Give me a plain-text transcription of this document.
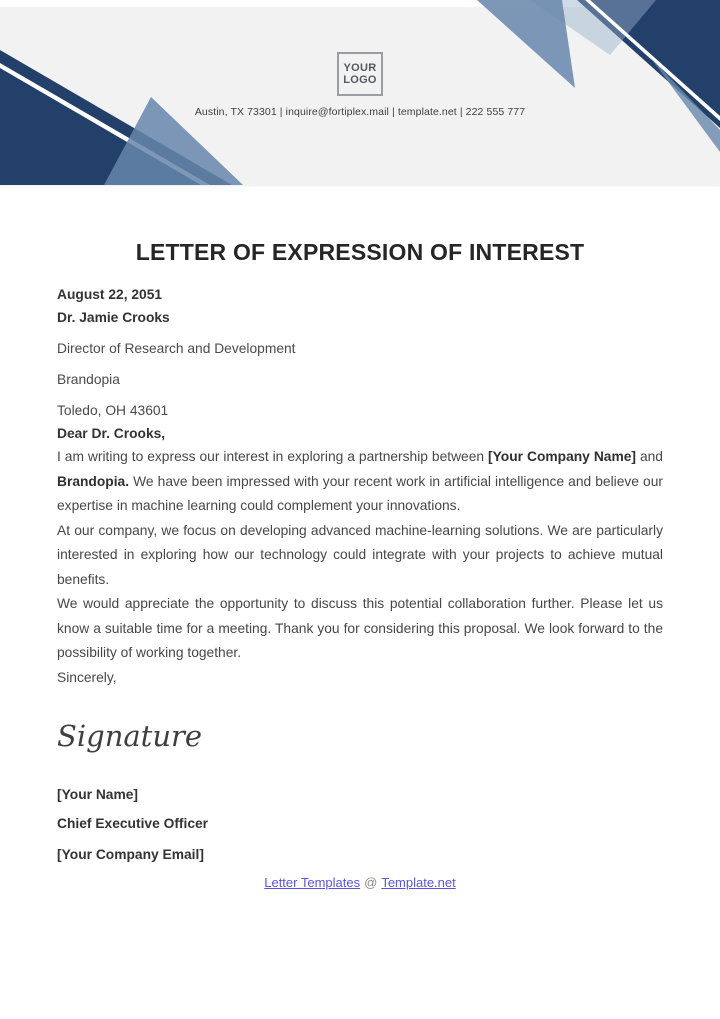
YOUR
LOGO
Austin, TX 73301 | inquire@fortiplex.mail | template.net | 222 555 777
LETTER OF EXPRESSION OF INTEREST
August 22, 2051
Dr. Jamie Crooks
Director of Research and Development
Brandopia
Toledo, OH 43601
Dear Dr. Crooks,

I am writing to express our interest in exploring a partnership between [Your Company Name] and Brandopia. We have been impressed with your recent work in artificial intelligence and believe our expertise in machine learning could complement your innovations.

At our company, we focus on developing advanced machine-learning solutions. We are particularly interested in exploring how our technology could integrate with your projects to achieve mutual benefits.

We would appreciate the opportunity to discuss this potential collaboration further. Please let us know a suitable time for a meeting. Thank you for considering this proposal. We look forward to the possibility of working together.

Sincerely,
Signature
[Your Name]
Chief Executive Officer
[Your Company Email]
Letter Templates @ Template.net
